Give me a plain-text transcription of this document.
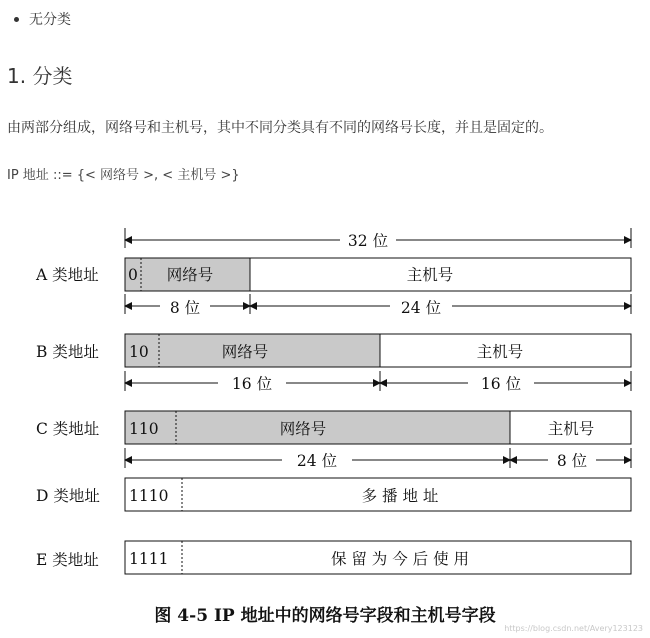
无分类
1. 分类
由两部分组成，网络号和主机号，其中不同分类具有不同的网络号长度，并且是固定的。
IP 地址 ::= {< 网络号 >, < 主机号 >}
32 位
A 类地址 0 网络号	主机号
8 位	24 位
B 类地址 10	网络号	主机号
16 位	16 位
C 类地址 110	网络号	主机号
24 位	8 位
D 类地址 1110	多 播 地 址
E 类地址 1111	保 留 为 今 后 使 用
图 4-5 IP 地址中的网络号字段和主机号字段
https://blog.csdn.net/Avery123123
